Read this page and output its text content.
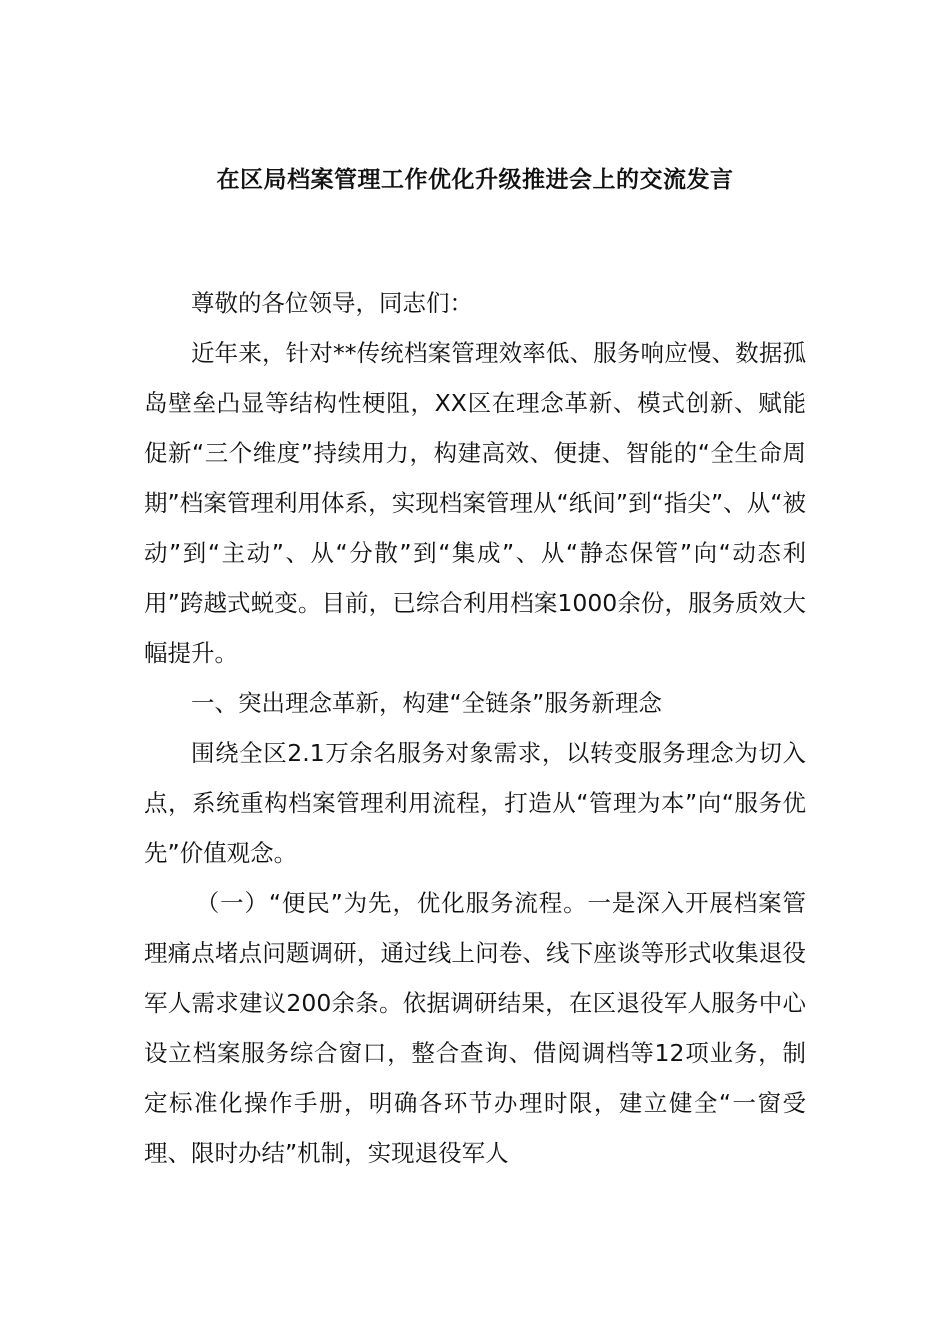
在区局档案管理工作优化升级推进会上的交流发言

尊敬的各位领导，同志们：

近年来，针对**传统档案管理效率低、服务响应慢、数据孤岛壁垒凸显等结构性梗阻，XX区在理念革新、模式创新、赋能促新“三个维度”持续用力，构建高效、便捷、智能的“全生命周期”档案管理利用体系，实现档案管理从“纸间”到“指尖”、从“被动”到“主动”、从“分散”到“集成”、从“静态保管”向“动态利用”跨越式蜕变。目前，已综合利用档案1000余份，服务质效大幅提升。

一、突出理念革新，构建“全链条”服务新理念

围绕全区2.1万余名服务对象需求，以转变服务理念为切入点，系统重构档案管理利用流程，打造从“管理为本”向“服务优先”价值观念。

（一）“便民”为先，优化服务流程。一是深入开展档案管理痛点堵点问题调研，通过线上问卷、线下座谈等形式收集退役军人需求建议200余条。依据调研结果，在区退役军人服务中心设立档案服务综合窗口，整合查询、借阅调档等12项业务，制定标准化操作手册，明确各环节办理时限，建立健全“一窗受理、限时办结”机制，实现退役军人
